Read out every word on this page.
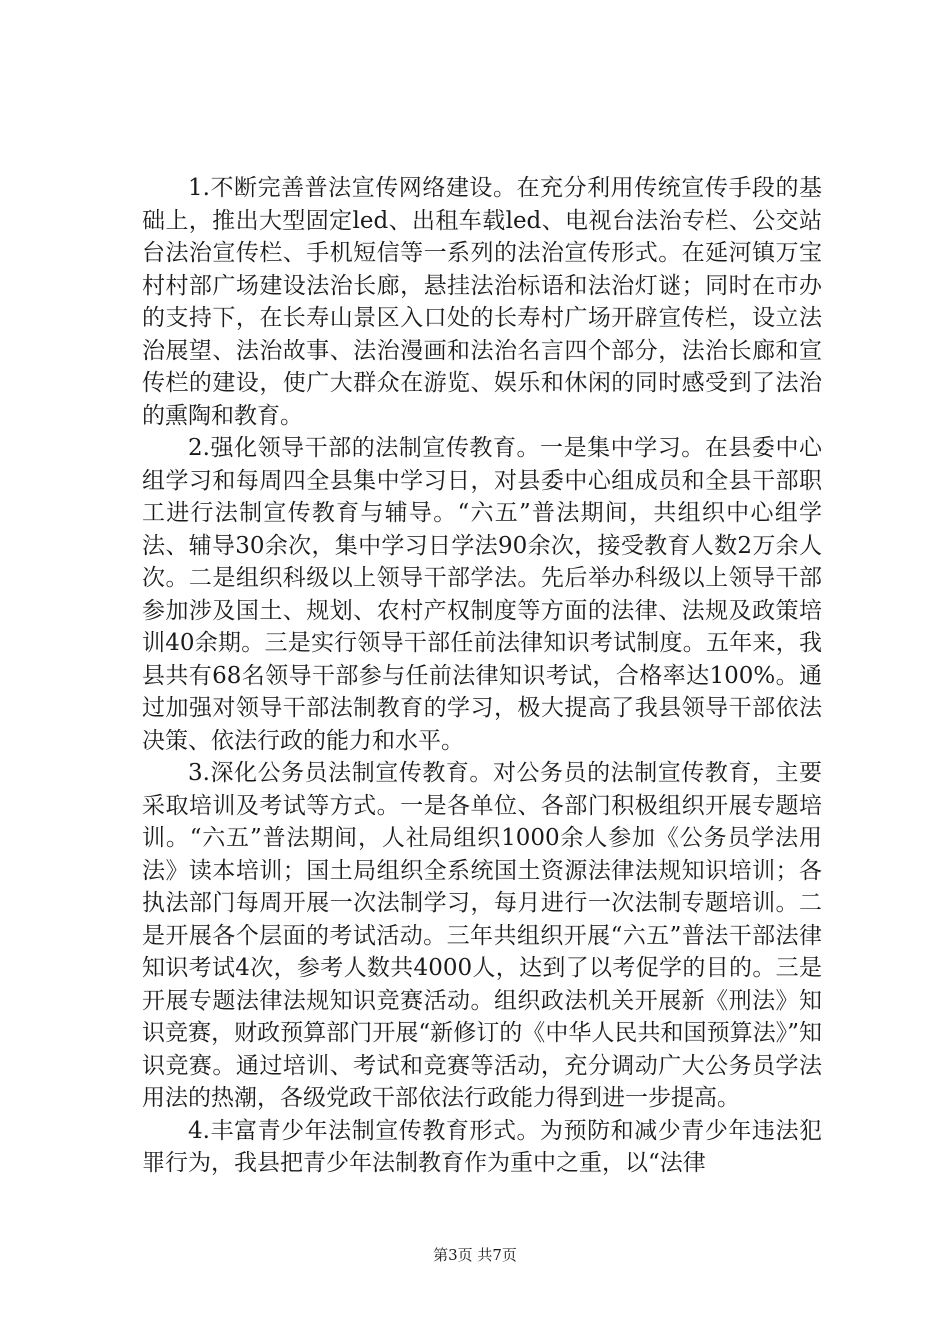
1.不断完善普法宣传网络建设。在充分利用传统宣传手段的基础上，推出大型固定led、出租车载led、电视台法治专栏、公交站台法治宣传栏、手机短信等一系列的法治宣传形式。在延河镇万宝村村部广场建设法治长廊，悬挂法治标语和法治灯谜；同时在市办的支持下，在长寿山景区入口处的长寿村广场开辟宣传栏，设立法治展望、法治故事、法治漫画和法治名言四个部分，法治长廊和宣传栏的建设，使广大群众在游览、娱乐和休闲的同时感受到了法治的熏陶和教育。

2.强化领导干部的法制宣传教育。一是集中学习。在县委中心组学习和每周四全县集中学习日，对县委中心组成员和全县干部职工进行法制宣传教育与辅导。“六五”普法期间，共组织中心组学法、辅导30余次，集中学习日学法90余次，接受教育人数2万余人次。二是组织科级以上领导干部学法。先后举办科级以上领导干部参加涉及国土、规划、农村产权制度等方面的法律、法规及政策培训40余期。三是实行领导干部任前法律知识考试制度。五年来，我县共有68名领导干部参与任前法律知识考试，合格率达100%。通过加强对领导干部法制教育的学习，极大提高了我县领导干部依法决策、依法行政的能力和水平。

3.深化公务员法制宣传教育。对公务员的法制宣传教育，主要采取培训及考试等方式。一是各单位、各部门积极组织开展专题培训。“六五”普法期间，人社局组织1000余人参加《公务员学法用法》读本培训；国土局组织全系统国土资源法律法规知识培训；各执法部门每周开展一次法制学习，每月进行一次法制专题培训。二是开展各个层面的考试活动。三年共组织开展“六五”普法干部法律知识考试4次，参考人数共4000人，达到了以考促学的目的。三是开展专题法律法规知识竞赛活动。组织政法机关开展新《刑法》知识竞赛，财政预算部门开展“新修订的《中华人民共和国预算法》”知识竞赛。通过培训、考试和竞赛等活动，充分调动广大公务员学法用法的热潮，各级党政干部依法行政能力得到进一步提高。

4.丰富青少年法制宣传教育形式。为预防和减少青少年违法犯罪行为，我县把青少年法制教育作为重中之重，以“法律

第3页 共7页
